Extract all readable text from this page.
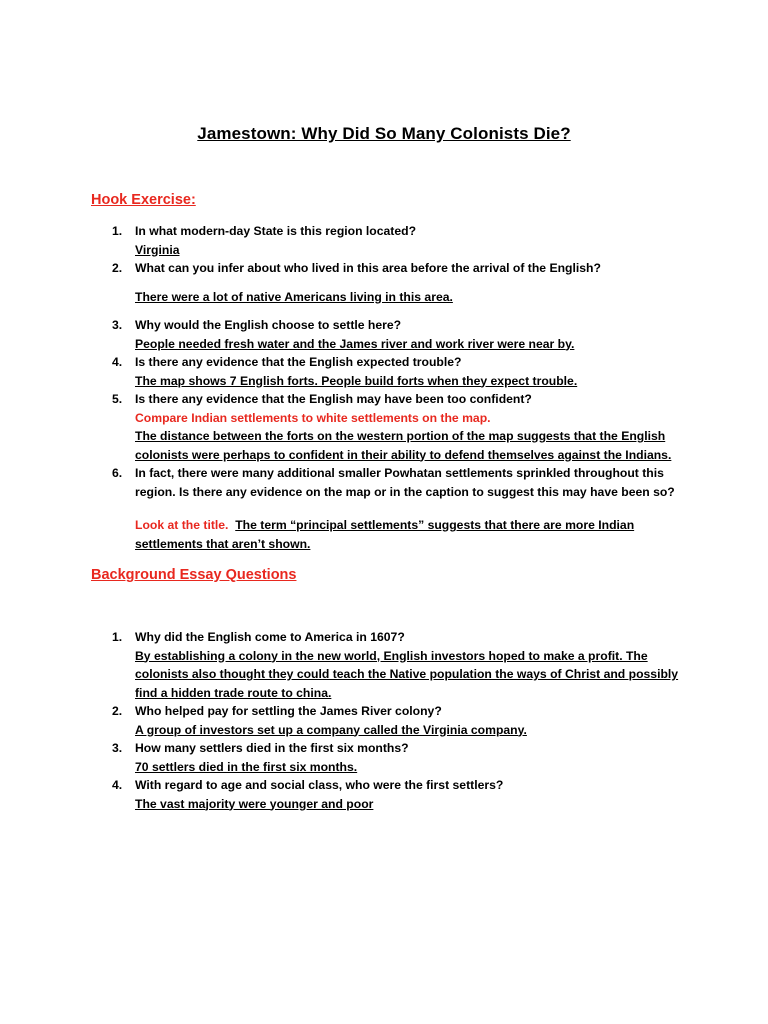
Jamestown: Why Did So Many Colonists Die?
Hook Exercise:
1. In what modern-day State is this region located?
Virginia
2. What can you infer about who lived in this area before the arrival of the English?
There were a lot of native Americans living in this area.
3. Why would the English choose to settle here?
People needed fresh water and the James river and work river were near by.
4. Is there any evidence that the English expected trouble?
The map shows 7 English forts. People build forts when they expect trouble.
5. Is there any evidence that the English may have been too confident?
Compare Indian settlements to white settlements on the map.
The distance between the forts on the western portion of the map suggests that the English
colonists were perhaps to confident in their ability to defend themselves against the Indians.
6. In fact, there were many additional smaller Powhatan settlements sprinkled throughout this
region. Is there any evidence on the map or in the caption to suggest this may have been so?
Look at the title. The term “principal settlements” suggests that there are more Indian
settlements that aren’t shown.
Background Essay Questions
1. Why did the English come to America in 1607?
By establishing a colony in the new world, English investors hoped to make a profit. The
colonists also thought they could teach the Native population the ways of Christ and possibly
find a hidden trade route to china.
2. Who helped pay for settling the James River colony?
A group of investors set up a company called the Virginia company.
3. How many settlers died in the first six months?
70 settlers died in the first six months.
4. With regard to age and social class, who were the first settlers?
The vast majority were younger and poor
